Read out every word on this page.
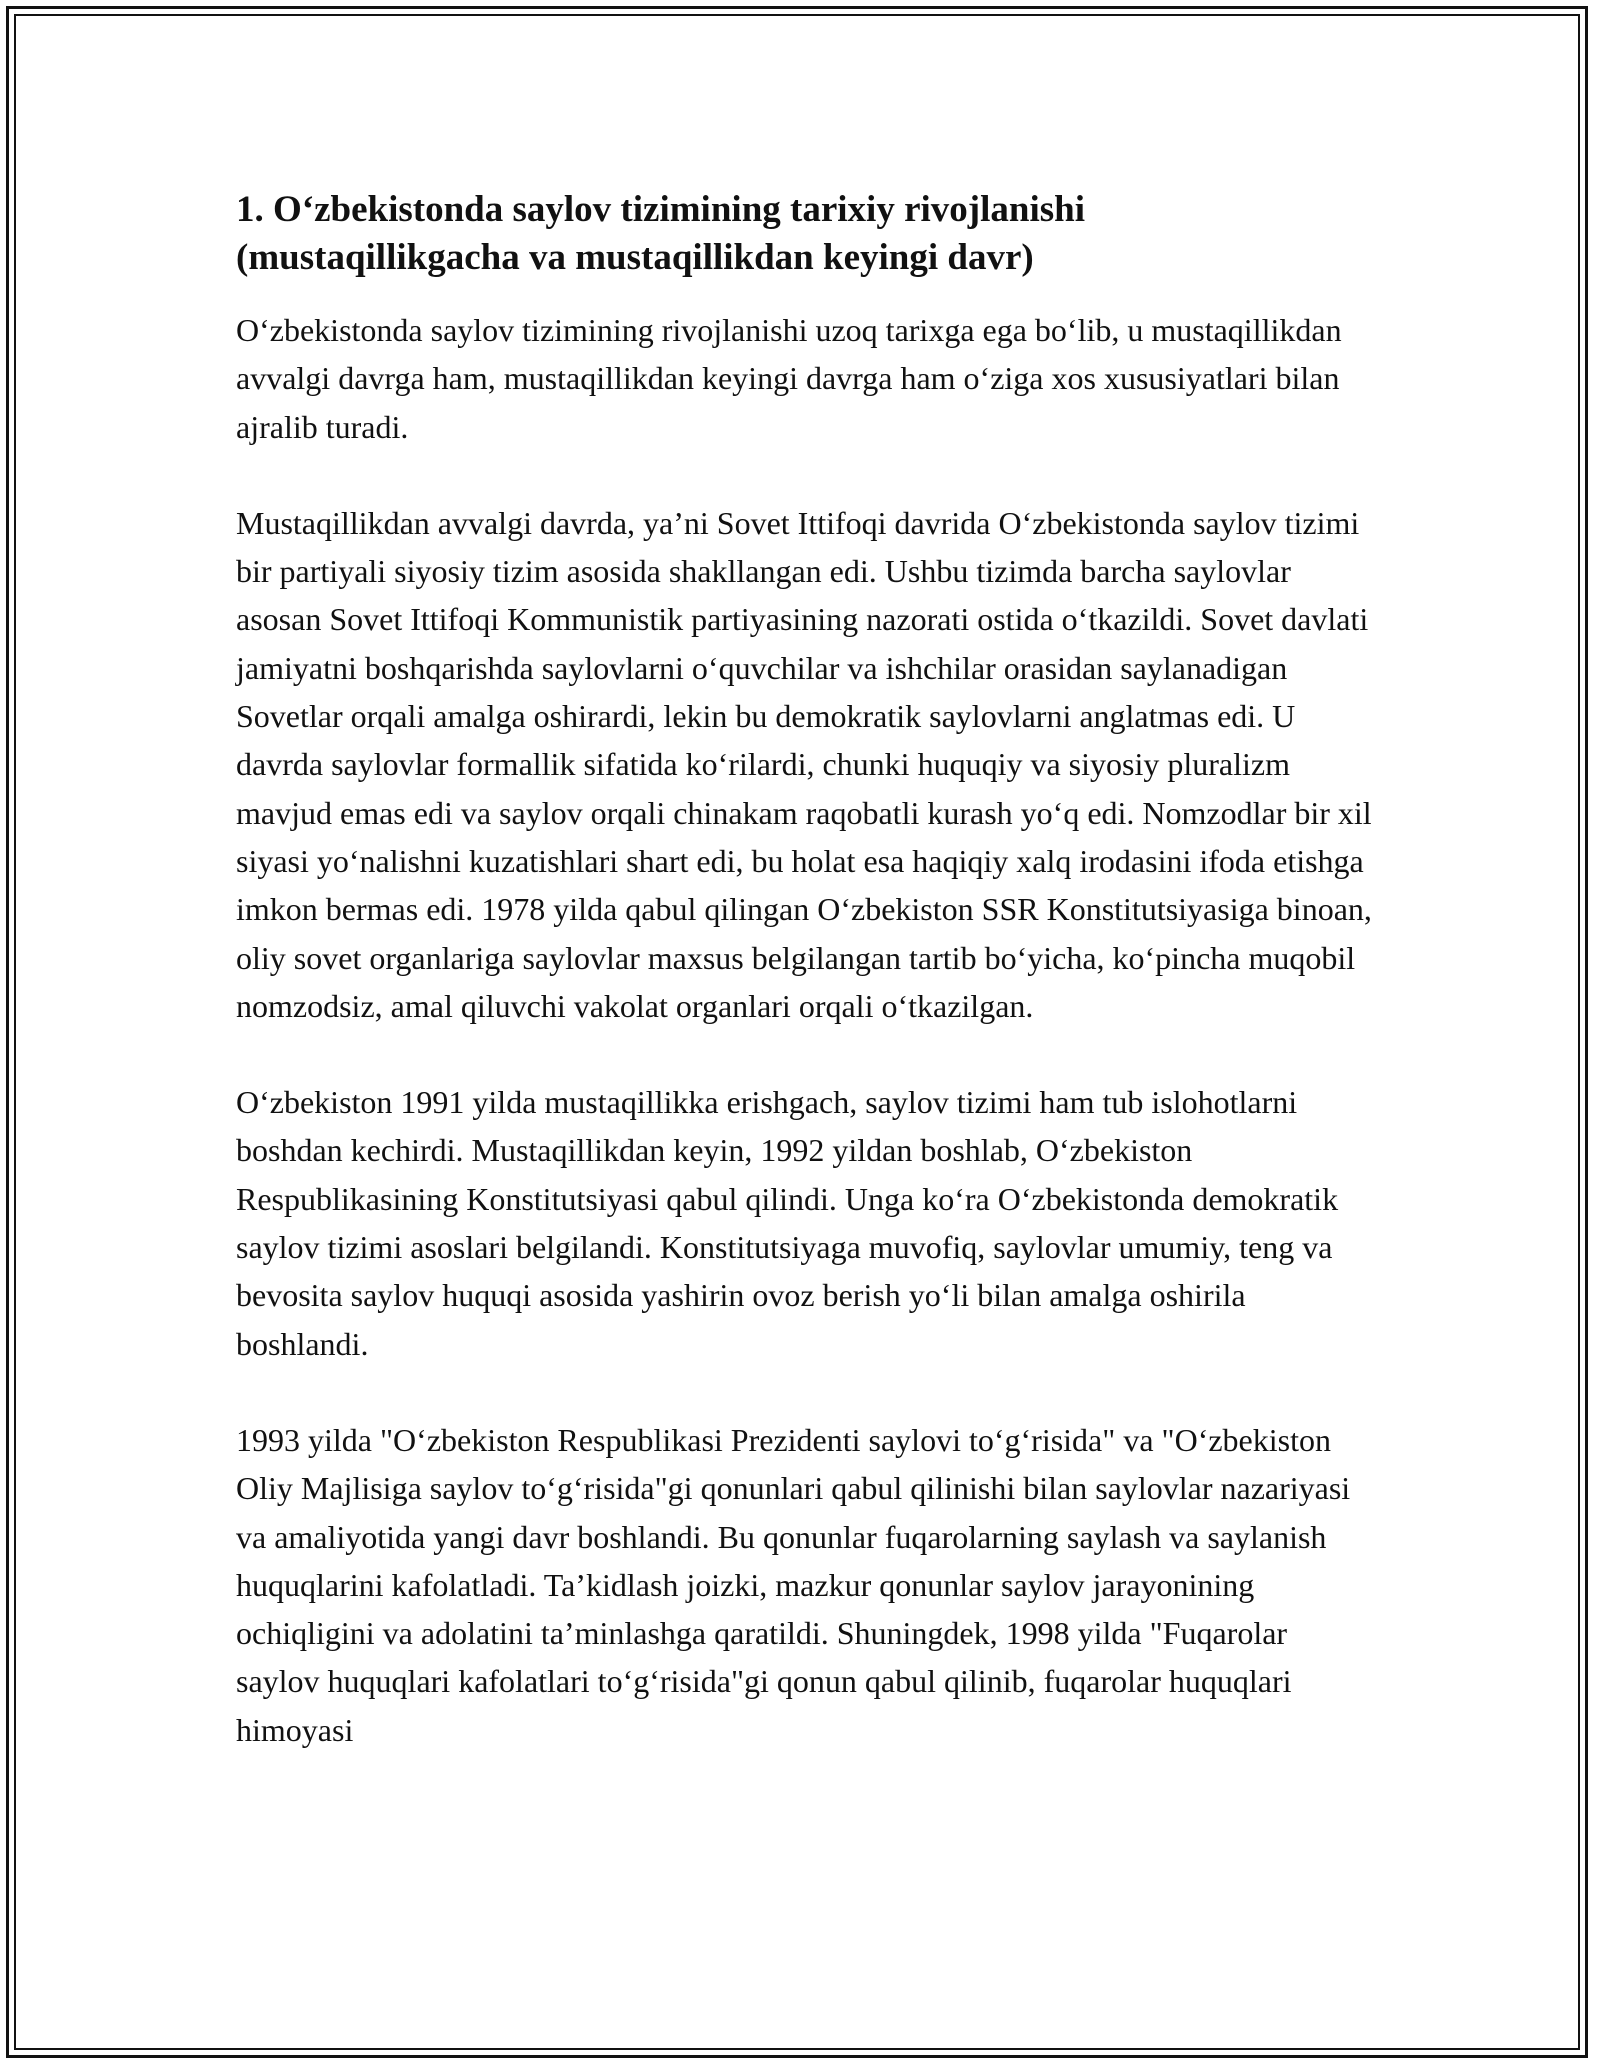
1. O‘zbekistonda saylov tizimining tarixiy rivojlanishi (mustaqillikgacha va mustaqillikdan keyingi davr)

O‘zbekistonda saylov tizimining rivojlanishi uzoq tarixga ega bo‘lib, u mustaqillikdan avvalgi davrga ham, mustaqillikdan keyingi davrga ham o‘ziga xos xususiyatlari bilan ajralib turadi.

Mustaqillikdan avvalgi davrda, ya’ni Sovet Ittifoqi davrida O‘zbekistonda saylov tizimi bir partiyali siyosiy tizim asosida shakllangan edi. Ushbu tizimda barcha saylovlar asosan Sovet Ittifoqi Kommunistik partiyasining nazorati ostida o‘tkazildi. Sovet davlati jamiyatni boshqarishda saylovlarni o‘quvchilar va ishchilar orasidan saylanadigan Sovetlar orqali amalga oshirardi, lekin bu demokratik saylovlarni anglatmas edi. U davrda saylovlar formallik sifatida ko‘rilardi, chunki huquqiy va siyosiy pluralizm mavjud emas edi va saylov orqali chinakam raqobatli kurash yo‘q edi. Nomzodlar bir xil siyasi yo‘nalishni kuzatishlari shart edi, bu holat esa haqiqiy xalq irodasini ifoda etishga imkon bermas edi. 1978 yilda qabul qilingan O‘zbekiston SSR Konstitutsiyasiga binoan, oliy sovet organlariga saylovlar maxsus belgilangan tartib bo‘yicha, ko‘pincha muqobil nomzodsiz, amal qiluvchi vakolat organlari orqali o‘tkazilgan.

O‘zbekiston 1991 yilda mustaqillikka erishgach, saylov tizimi ham tub islohotlarni boshdan kechirdi. Mustaqillikdan keyin, 1992 yildan boshlab, O‘zbekiston Respublikasining Konstitutsiyasi qabul qilindi. Unga ko‘ra O‘zbekistonda demokratik saylov tizimi asoslari belgilandi. Konstitutsiyaga muvofiq, saylovlar umumiy, teng va bevosita saylov huquqi asosida yashirin ovoz berish yo‘li bilan amalga oshirila boshlandi.

1993 yilda "O‘zbekiston Respublikasi Prezidenti saylovi to‘g‘risida" va "O‘zbekiston Oliy Majlisiga saylov to‘g‘risida"gi qonunlari qabul qilinishi bilan saylovlar nazariyasi va amaliyotida yangi davr boshlandi. Bu qonunlar fuqarolarning saylash va saylanish huquqlarini kafolatladi. Ta’kidlash joizki, mazkur qonunlar saylov jarayonining ochiqligini va adolatini ta’minlashga qaratildi. Shuningdek, 1998 yilda "Fuqarolar saylov huquqlari kafolatlari to‘g‘risida"gi qonun qabul qilinib, fuqarolar huquqlari himoyasi
